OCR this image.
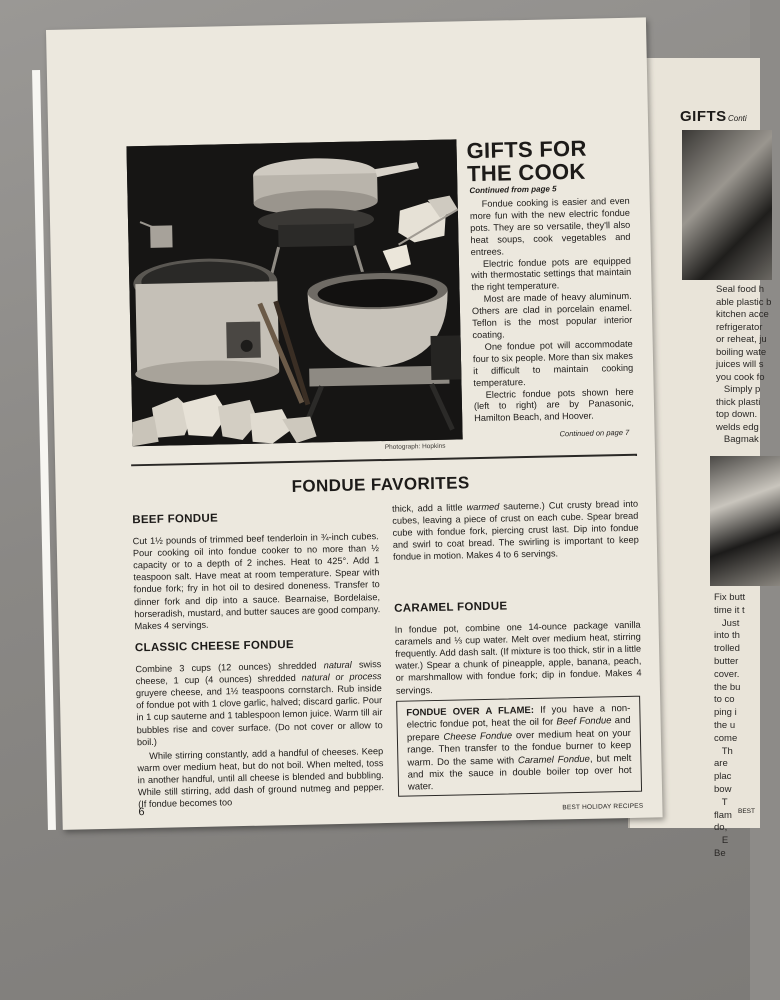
GIFTS Conti
Seal food h
able plastic b
kitchen acce
refrigerator
or reheat, ju
boiling wate
juices will s
you cook fo
Simply p
thick plasti
top down.
welds edg
Bagmak

Fix butt
time it t
Just
into th
trolled
butter
cover.
the bu
to co
ping i
the u
come
Th
are
plac
bow
T
flam
do,
E
Be
BEST
Photograph: Hopkins
GIFTS FOR
THE COOK
Continued from page 5

Fondue cooking is easier and even more fun with the new electric fondue pots. They are so versatile, they'll also heat soups, cook vegetables and entrees.

Electric fondue pots are equipped with thermostatic settings that maintain the right temperature.

Most are made of heavy aluminum. Others are clad in porcelain enamel. Teflon is the most popular interior coating.

One fondue pot will accommodate four to six people. More than six makes it difficult to maintain cooking temperature.

Electric fondue pots shown here (left to right) are by Panasonic, Hamilton Beach, and Hoover.

Continued on page 7
FONDUE FAVORITES
BEEF FONDUE

Cut 1½ pounds of trimmed beef tenderloin in ¾-inch cubes. Pour cooking oil into fondue cooker to no more than ½ capacity or to a depth of 2 inches. Heat to 425°. Add 1 teaspoon salt. Have meat at room temperature. Spear with fondue fork; fry in hot oil to desired doneness. Transfer to dinner fork and dip into a sauce. Bearnaise, Bordelaise, horseradish, mustard, and butter sauces are good company. Makes 4 servings.

CLASSIC CHEESE FONDUE

Combine 3 cups (12 ounces) shredded natural swiss cheese, 1 cup (4 ounces) shredded natural or process gruyere cheese, and 1½ teaspoons cornstarch. Rub inside of fondue pot with 1 clove garlic, halved; discard garlic. Pour in 1 cup sauterne and 1 tablespoon lemon juice. Warm till air bubbles rise and cover surface. (Do not cover or allow to boil.)

While stirring constantly, add a handful of cheeses. Keep warm over medium heat, but do not boil. When melted, toss in another handful, until all cheese is blended and bubbling. While still stirring, add dash of ground nutmeg and pepper. (If fondue becomes too

thick, add a little warmed sauterne.) Cut crusty bread into cubes, leaving a piece of crust on each cube. Spear bread cube with fondue fork, piercing crust last. Dip into fondue and swirl to coat bread. The swirling is important to keep fondue in motion. Makes 4 to 6 servings.

CARAMEL FONDUE

In fondue pot, combine one 14-ounce package vanilla caramels and ⅓ cup water. Melt over medium heat, stirring frequently. Add dash salt. (If mixture is too thick, stir in a little water.) Spear a chunk of pineapple, apple, banana, peach, or marshmallow with fondue fork; dip in fondue. Makes 4 servings.

FONDUE OVER A FLAME: If you have a non-electric fondue pot, heat the oil for Beef Fondue and prepare Cheese Fondue over medium heat on your range. Then transfer to the fondue burner to keep warm. Do the same with Caramel Fondue, but melt and mix the sauce in double boiler top over hot water.
6	BEST HOLIDAY RECIPES
